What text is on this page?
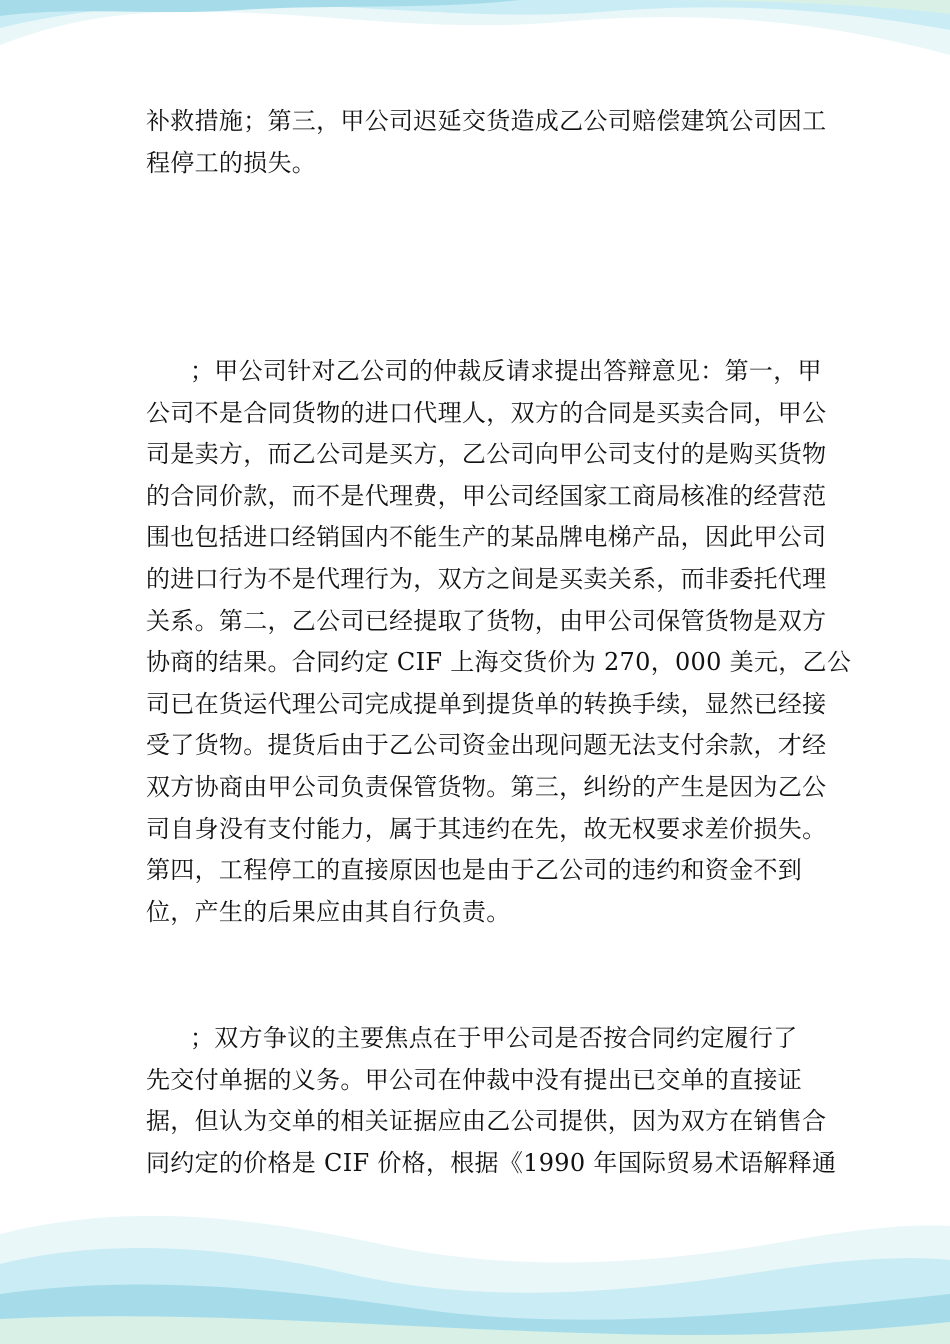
补救措施；第三，甲公司迟延交货造成乙公司赔偿建筑公司因工
程停工的损失。
；甲公司针对乙公司的仲裁反请求提出答辩意见：第一，甲
公司不是合同货物的进口代理人，双方的合同是买卖合同，甲公
司是卖方，而乙公司是买方，乙公司向甲公司支付的是购买货物
的合同价款，而不是代理费，甲公司经国家工商局核准的经营范
围也包括进口经销国内不能生产的某品牌电梯产品，因此甲公司
的进口行为不是代理行为，双方之间是买卖关系，而非委托代理
关系。第二，乙公司已经提取了货物，由甲公司保管货物是双方
协商的结果。合同约定 CIF 上海交货价为 270，000 美元，乙公
司已在货运代理公司完成提单到提货单的转换手续，显然已经接
受了货物。提货后由于乙公司资金出现问题无法支付余款，才经
双方协商由甲公司负责保管货物。第三，纠纷的产生是因为乙公
司自身没有支付能力，属于其违约在先，故无权要求差价损失。
第四，工程停工的直接原因也是由于乙公司的违约和资金不到
位，产生的后果应由其自行负责。
；双方争议的主要焦点在于甲公司是否按合同约定履行了
先交付单据的义务。甲公司在仲裁中没有提出已交单的直接证
据，但认为交单的相关证据应由乙公司提供，因为双方在销售合
同约定的价格是 CIF 价格，根据《1990 年国际贸易术语解释通
